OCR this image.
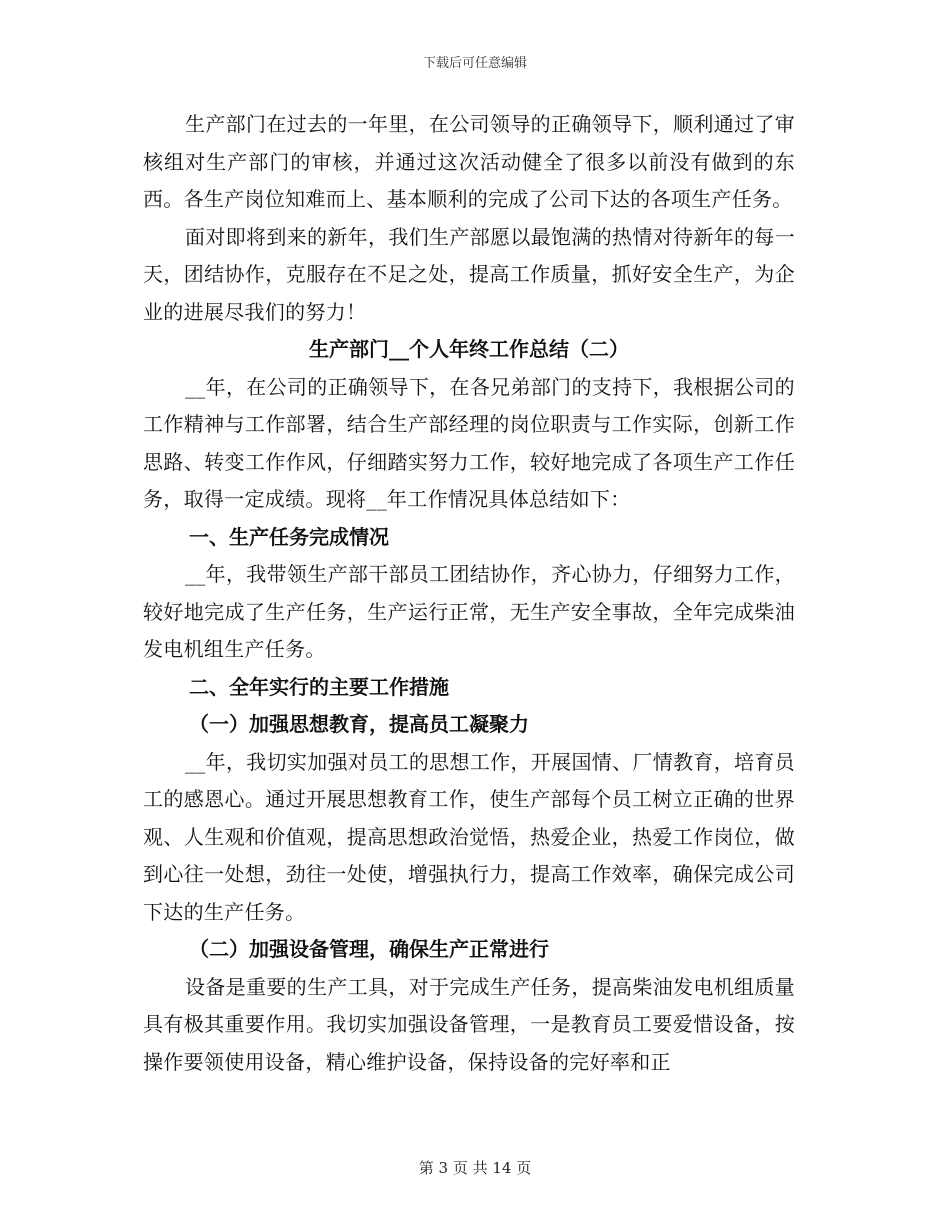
下载后可任意编辑

生产部门在过去的一年里，在公司领导的正确领导下，顺利通过了审核组对生产部门的审核，并通过这次活动健全了很多以前没有做到的东西。各生产岗位知难而上、基本顺利的完成了公司下达的各项生产任务。

面对即将到来的新年，我们生产部愿以最饱满的热情对待新年的每一天，团结协作，克服存在不足之处，提高工作质量，抓好安全生产，为企业的进展尽我们的努力！

生产部门__个人年终工作总结（二）

__年，在公司的正确领导下，在各兄弟部门的支持下，我根据公司的工作精神与工作部署，结合生产部经理的岗位职责与工作实际，创新工作思路、转变工作作风，仔细踏实努力工作，较好地完成了各项生产工作任务，取得一定成绩。现将__年工作情况具体总结如下：

一、生产任务完成情况

__年，我带领生产部干部员工团结协作，齐心协力，仔细努力工作，较好地完成了生产任务，生产运行正常，无生产安全事故，全年完成柴油发电机组生产任务。

二、全年实行的主要工作措施

（一）加强思想教育，提高员工凝聚力

__年，我切实加强对员工的思想工作，开展国情、厂情教育，培育员工的感恩心。通过开展思想教育工作，使生产部每个员工树立正确的世界观、人生观和价值观，提高思想政治觉悟，热爱企业，热爱工作岗位，做到心往一处想，劲往一处使，增强执行力，提高工作效率，确保完成公司下达的生产任务。

（二）加强设备管理，确保生产正常进行

设备是重要的生产工具，对于完成生产任务，提高柴油发电机组质量具有极其重要作用。我切实加强设备管理，一是教育员工要爱惜设备，按操作要领使用设备，精心维护设备，保持设备的完好率和正

第 3 页 共 14 页
